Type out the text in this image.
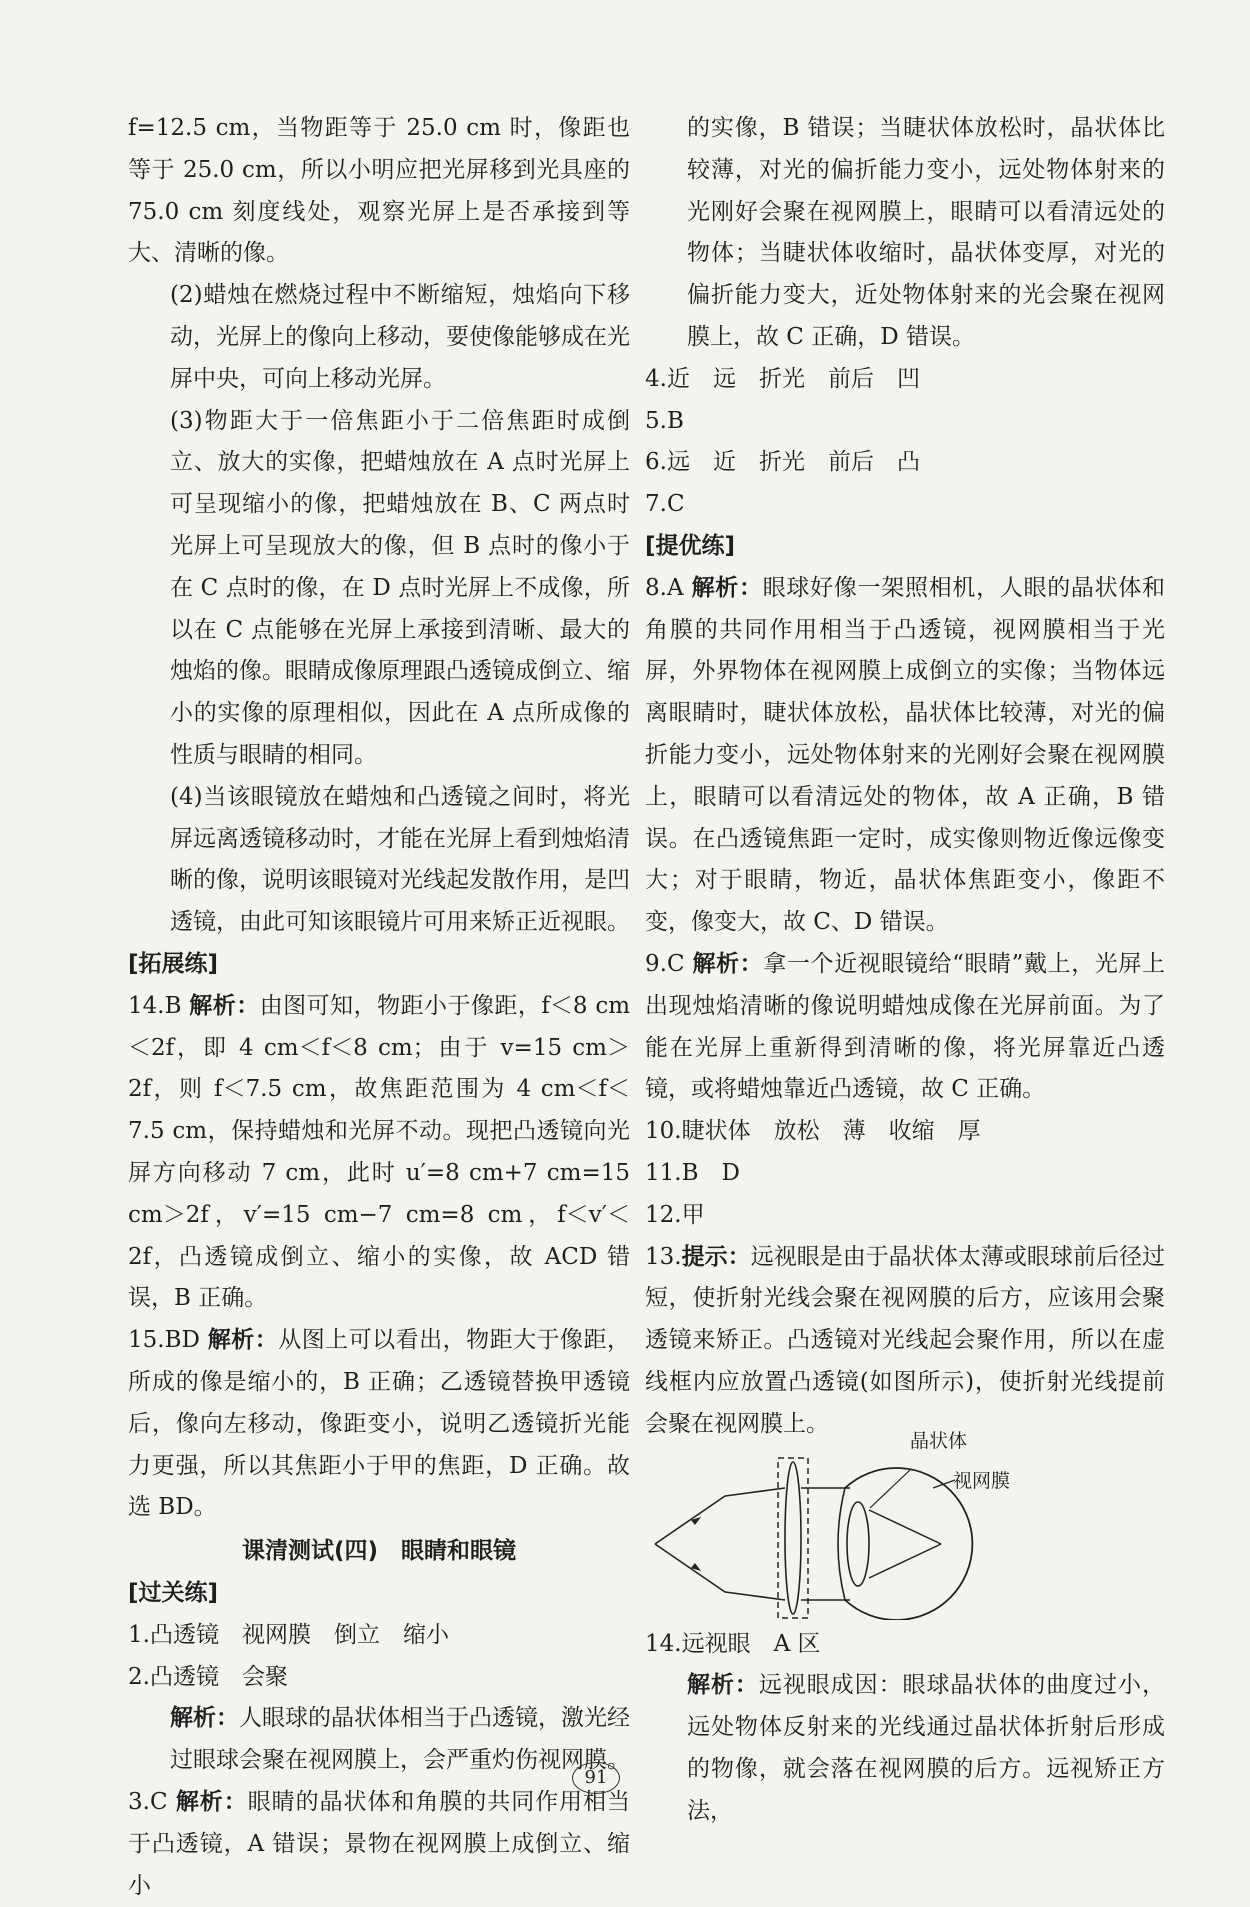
f=12.5 cm，当物距等于 25.0 cm 时，像距也等于 25.0 cm，所以小明应把光屏移到光具座的 75.0 cm 刻度线处，观察光屏上是否承接到等大、清晰的像。

(2)蜡烛在燃烧过程中不断缩短，烛焰向下移动，光屏上的像向上移动，要使像能够成在光屏中央，可向上移动光屏。

(3)物距大于一倍焦距小于二倍焦距时成倒立、放大的实像，把蜡烛放在 A 点时光屏上可呈现缩小的像，把蜡烛放在 B、C 两点时光屏上可呈现放大的像，但 B 点时的像小于在 C 点时的像，在 D 点时光屏上不成像，所以在 C 点能够在光屏上承接到清晰、最大的烛焰的像。眼睛成像原理跟凸透镜成倒立、缩小的实像的原理相似，因此在 A 点所成像的性质与眼睛的相同。

(4)当该眼镜放在蜡烛和凸透镜之间时，将光屏远离透镜移动时，才能在光屏上看到烛焰清晰的像，说明该眼镜对光线起发散作用，是凹透镜，由此可知该眼镜片可用来矫正近视眼。

[拓展练]

14.B 解析：由图可知，物距小于像距，f＜8 cm＜2f，即 4 cm＜f＜8 cm；由于 v=15 cm＞2f，则 f＜7.5 cm，故焦距范围为 4 cm＜f＜7.5 cm，保持蜡烛和光屏不动。现把凸透镜向光屏方向移动 7 cm，此时 u′=8 cm+7 cm=15 cm＞2f，v′=15 cm−7 cm=8 cm，f＜v′＜2f，凸透镜成倒立、缩小的实像，故 ACD 错误，B 正确。

15.BD 解析：从图上可以看出，物距大于像距，所成的像是缩小的，B 正确；乙透镜替换甲透镜后，像向左移动，像距变小，说明乙透镜折光能力更强，所以其焦距小于甲的焦距，D 正确。故选 BD。

课清测试(四)　眼睛和眼镜

[过关练]

1.凸透镜　视网膜　倒立　缩小

2.凸透镜　会聚

解析：人眼球的晶状体相当于凸透镜，激光经过眼球会聚在视网膜上，会严重灼伤视网膜。

3.C 解析：眼睛的晶状体和角膜的共同作用相当于凸透镜，A 错误；景物在视网膜上成倒立、缩小

的实像，B 错误；当睫状体放松时，晶状体比较薄，对光的偏折能力变小，远处物体射来的光刚好会聚在视网膜上，眼睛可以看清远处的物体；当睫状体收缩时，晶状体变厚，对光的偏折能力变大，近处物体射来的光会聚在视网膜上，故 C 正确，D 错误。

4.近　远　折光　前后　凹

5.B

6.远　近　折光　前后　凸

7.C

[提优练]

8.A 解析：眼球好像一架照相机，人眼的晶状体和角膜的共同作用相当于凸透镜，视网膜相当于光屏，外界物体在视网膜上成倒立的实像；当物体远离眼睛时，睫状体放松，晶状体比较薄，对光的偏折能力变小，远处物体射来的光刚好会聚在视网膜上，眼睛可以看清远处的物体，故 A 正确，B 错误。在凸透镜焦距一定时，成实像则物近像远像变大；对于眼睛，物近，晶状体焦距变小，像距不变，像变大，故 C、D 错误。

9.C 解析：拿一个近视眼镜给“眼睛”戴上，光屏上出现烛焰清晰的像说明蜡烛成像在光屏前面。为了能在光屏上重新得到清晰的像，将光屏靠近凸透镜，或将蜡烛靠近凸透镜，故 C 正确。

10.睫状体　放松　薄　收缩　厚

11.B　D

12.甲

13.提示：远视眼是由于晶状体太薄或眼球前后径过短，使折射光线会聚在视网膜的后方，应该用会聚透镜来矫正。凸透镜对光线起会聚作用，所以在虚线框内应放置凸透镜(如图所示)，使折射光线提前会聚在视网膜上。

晶状体
视网膜

14.远视眼　A 区

解析：远视眼成因：眼球晶状体的曲度过小，远处物体反射来的光线通过晶状体折射后形成的物像，就会落在视网膜的后方。远视矫正方法，

91
